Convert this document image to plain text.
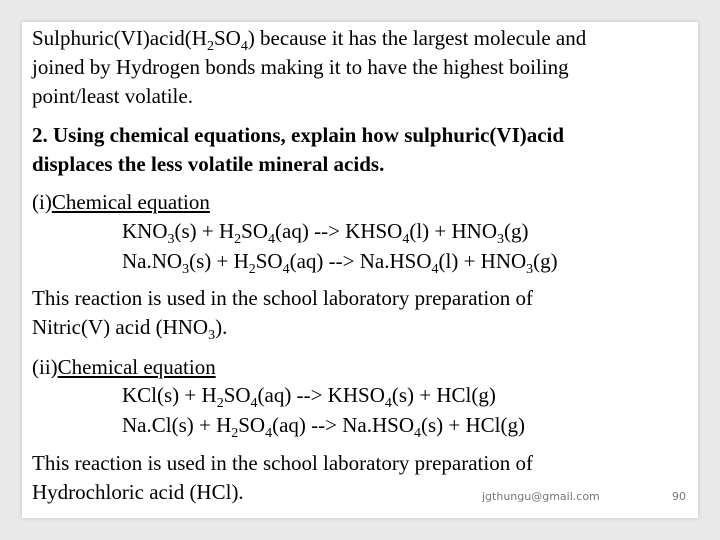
$Sulphuric(VI)acid(H_2SO_4)$ because it has the largest molecule and
joined by Hydrogen bonds making it to have the highest boiling
point/least volatile.
2. Using chemical equations, explain how sulphuric(VI)acid
displaces the less volatile mineral acids.
(i)Chemical equation
$KNO_3(s) + H_2SO_4(aq)$ --> $KHSO_4(l) + HNO_3(g)$
$Na.NO_3(s) + H_2SO_4(aq)$ --> $Na.HSO_4(l) + HNO_3(g)$
This reaction is used in the school laboratory preparation of
Nitric(V) acid $(HNO_3)$.
(ii)Chemical equation
$KCl(s) + H_2SO_4(aq)$ --> $KHSO_4(s) + HCl(g)$
$Na.Cl(s) + H_2SO_4(aq)$ --> $Na.HSO_4(s) + HCl(g)$
This reaction is used in the school laboratory preparation of
Hydrochloric acid (HCl).	jgthungu@gmail.com	90
